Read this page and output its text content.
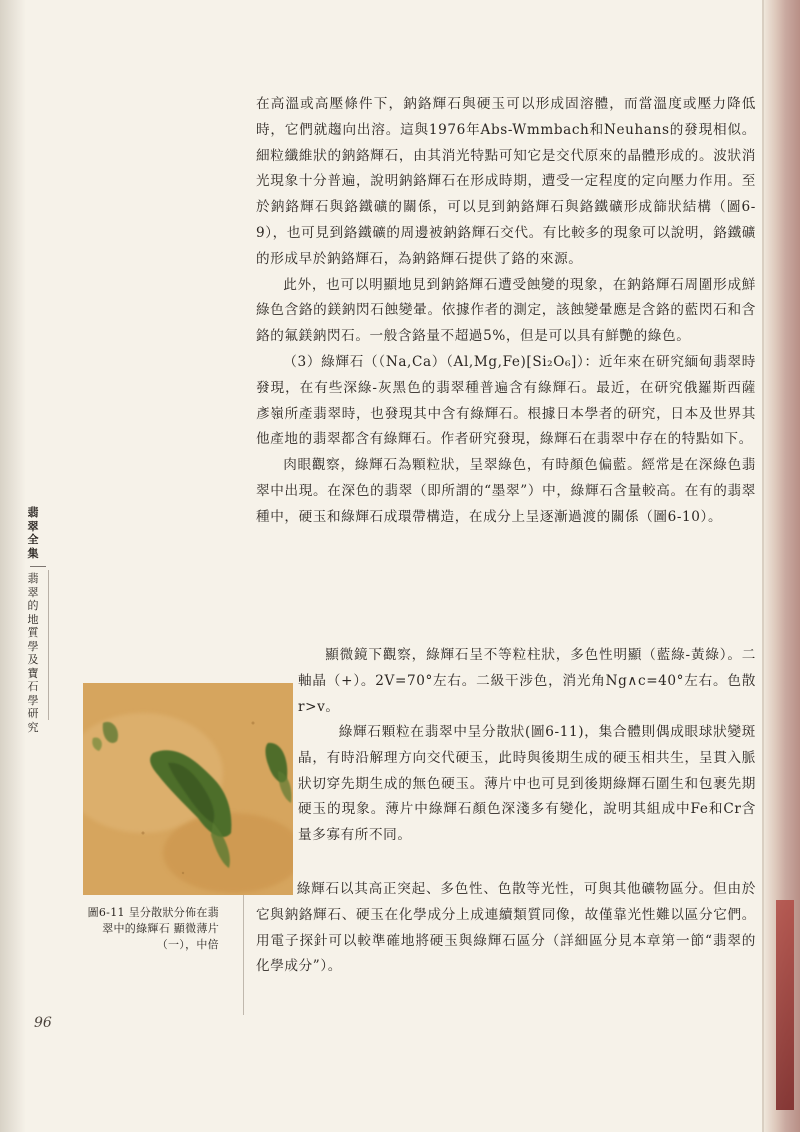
在高溫或高壓條件下，鈉鉻輝石與硬玉可以形成固溶體，而當溫度或壓力降低時，它們就趨向出溶。這與1976年Abs-Wmmbach和Neuhans的發現相似。細粒纖維狀的鈉鉻輝石，由其消光特點可知它是交代原來的晶體形成的。波狀消光現象十分普遍，說明鈉鉻輝石在形成時期，遭受一定程度的定向壓力作用。至於鈉鉻輝石與鉻鐵礦的關係，可以見到鈉鉻輝石與鉻鐵礦形成篩狀結構（圖6-9），也可見到鉻鐵礦的周邊被鈉鉻輝石交代。有比較多的現象可以說明，鉻鐵礦的形成早於鈉鉻輝石，為鈉鉻輝石提供了鉻的來源。

此外，也可以明顯地見到鈉鉻輝石遭受蝕變的現象，在鈉鉻輝石周圍形成鮮綠色含鉻的鎂鈉閃石蝕變暈。依據作者的測定，該蝕變暈應是含鉻的藍閃石和含鉻的氟鎂鈉閃石。一般含鉻量不超過5%，但是可以具有鮮艷的綠色。

（3）綠輝石（（Na,Ca）（Al,Mg,Fe)[Si₂O₆]）：近年來在研究緬甸翡翠時發現，在有些深綠-灰黑色的翡翠種普遍含有綠輝石。最近，在研究俄羅斯西薩彥嶺所產翡翠時，也發現其中含有綠輝石。根據日本學者的研究，日本及世界其他產地的翡翠都含有綠輝石。作者研究發現，綠輝石在翡翠中存在的特點如下。

肉眼觀察，綠輝石為顆粒狀，呈翠綠色，有時顏色偏藍。經常是在深綠色翡翠中出現。在深色的翡翠（即所謂的“墨翠”）中，綠輝石含量較高。在有的翡翠種中，硬玉和綠輝石成環帶構造，在成分上呈逐漸過渡的關係（圖6-10）。

顯微鏡下觀察，綠輝石呈不等粒柱狀，多色性明顯（藍綠-黃綠）。二軸晶（+）。2V=70°左右。二級干涉色，消光角Ng∧c=40°左右。色散r>v。

綠輝石顆粒在翡翠中呈分散狀(圖6-11)，集合體則偶成眼球狀變斑晶，有時沿解理方向交代硬玉，此時與後期生成的硬玉相共生，呈貫入脈狀切穿先期生成的無色硬玉。薄片中也可見到後期綠輝石圍生和包裹先期硬玉的現象。薄片中綠輝石顏色深淺多有變化，說明其組成中Fe和Cr含量多寡有所不同。

綠輝石以其高正突起、多色性、色散等光性，可與其他礦物區分。但由於它與鈉鉻輝石、硬玉在化學成分上成連續類質同像，故僅靠光性難以區分它們。用電子探針可以較準確地將硬玉與綠輝石區分（詳細區分見本章第一節“翡翠的化學成分”）。

翡
翠
全
集
翡
翠
的
地
質
學
及
寶
石
學
研
究
圖6-11 呈分散狀分佈在翡翠中的綠輝石 顯微薄片（一），中倍
96
